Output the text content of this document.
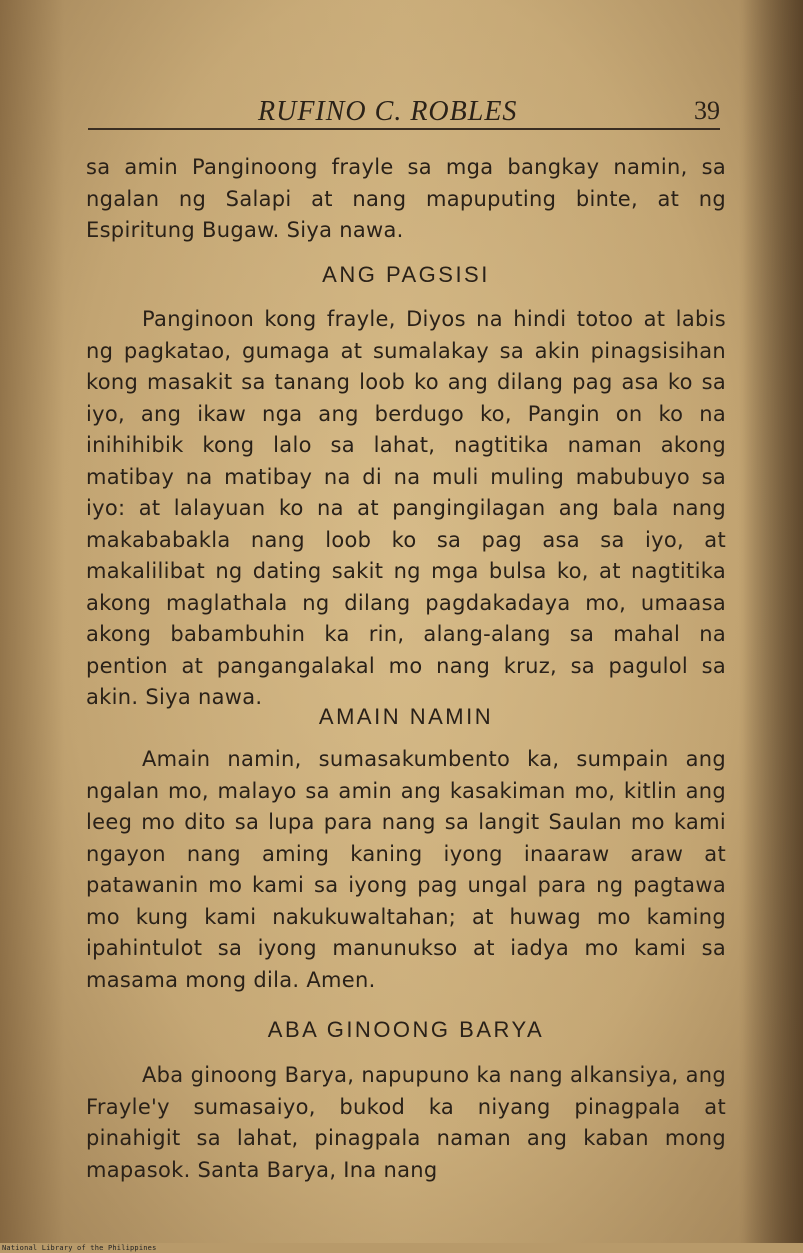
RUFINO C. ROBLES	39

sa amin Panginoong frayle sa mga bangkay namin, sa ngalan ng Salapi at nang mapuputing binte, at ng Espiritung Bugaw. Siya nawa.

ANG PAGSISI

Panginoon kong frayle, Diyos na hindi totoo at labis ng pagkatao, gumaga at sumalakay sa akin pinagsisihan kong masakit sa tanang loob ko ang dilang pag asa ko sa iyo, ang ikaw nga ang berdugo ko, Pangin on ko na inihihibik kong lalo sa lahat, nagtitika naman akong matibay na matibay na di na muli muling mabubuyo sa iyo: at lalayuan ko na at pangingilagan ang bala nang makababakla nang loob ko sa pag asa sa iyo, at makalilibat ng dating sakit ng mga bulsa ko, at nagtitika akong maglathala ng dilang pagdakadaya mo, umaasa akong babambuhin ka rin, alang-alang sa mahal na pention at pangangalakal mo nang kruz, sa pagulol sa akin. Siya nawa.

AMAIN NAMIN

Amain namin, sumasakumbento ka, sumpain ang ngalan mo, malayo sa amin ang kasakiman mo, kitlin ang leeg mo dito sa lupa para nang sa langit Saulan mo kami ngayon nang aming kaning iyong inaaraw araw at patawanin mo kami sa iyong pag ungal para ng pagtawa mo kung kami nakukuwaltahan; at huwag mo kaming ipahintulot sa iyong manunukso at iadya mo kami sa masama mong dila. Amen.

ABA GINOONG BARYA

Aba ginoong Barya, napupuno ka nang alkansiya, ang Frayle'y sumasaiyo, bukod ka niyang pinagpala at pinahigit sa lahat, pinagpala naman ang kaban mong mapasok. Santa Barya, Ina nang

National Library of the Philippines
